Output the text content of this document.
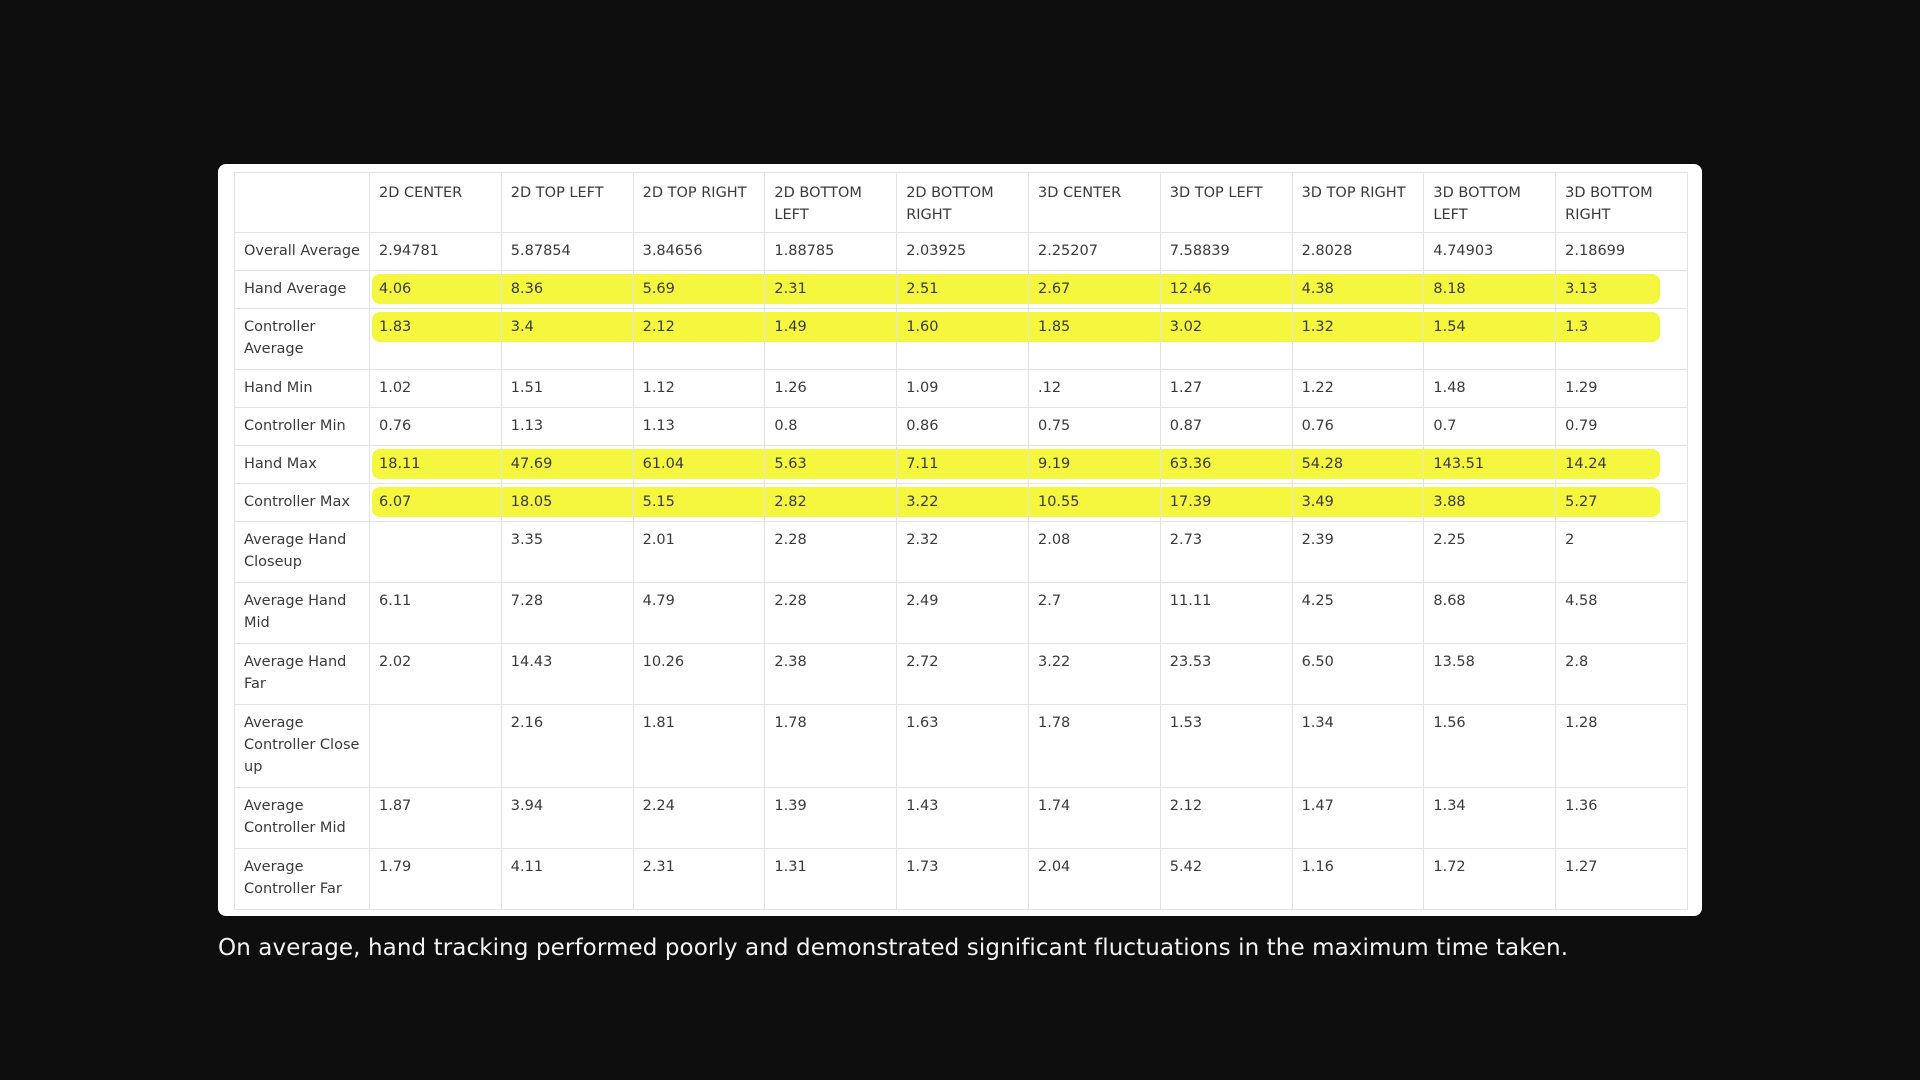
	2D CENTER	2D TOP LEFT	2D TOP RIGHT	2D BOTTOM LEFT	2D BOTTOM RIGHT	3D CENTER	3D TOP LEFT	3D TOP RIGHT	3D BOTTOM LEFT	3D BOTTOM RIGHT
Overall Average	2.94781	5.87854	3.84656	1.88785	2.03925	2.25207	7.58839	2.8028	4.74903	2.18699
Hand Average	4.06	8.36	5.69	2.31	2.51	2.67	12.46	4.38	8.18	3.13
Controller Average	1.83	3.4	2.12	1.49	1.60	1.85	3.02	1.32	1.54	1.3
Hand Min	1.02	1.51	1.12	1.26	1.09	.12	1.27	1.22	1.48	1.29
Controller Min	0.76	1.13	1.13	0.8	0.86	0.75	0.87	0.76	0.7	0.79
Hand Max	18.11	47.69	61.04	5.63	7.11	9.19	63.36	54.28	143.51	14.24
Controller Max	6.07	18.05	5.15	2.82	3.22	10.55	17.39	3.49	3.88	5.27
Average Hand Closeup		3.35	2.01	2.28	2.32	2.08	2.73	2.39	2.25	2
Average Hand Mid	6.11	7.28	4.79	2.28	2.49	2.7	11.11	4.25	8.68	4.58
Average Hand Far	2.02	14.43	10.26	2.38	2.72	3.22	23.53	6.50	13.58	2.8
Average Controller Close up		2.16	1.81	1.78	1.63	1.78	1.53	1.34	1.56	1.28
Average Controller Mid	1.87	3.94	2.24	1.39	1.43	1.74	2.12	1.47	1.34	1.36
Average Controller Far	1.79	4.11	2.31	1.31	1.73	2.04	5.42	1.16	1.72	1.27
On average, hand tracking performed poorly and demonstrated significant fluctuations in the maximum time taken.
